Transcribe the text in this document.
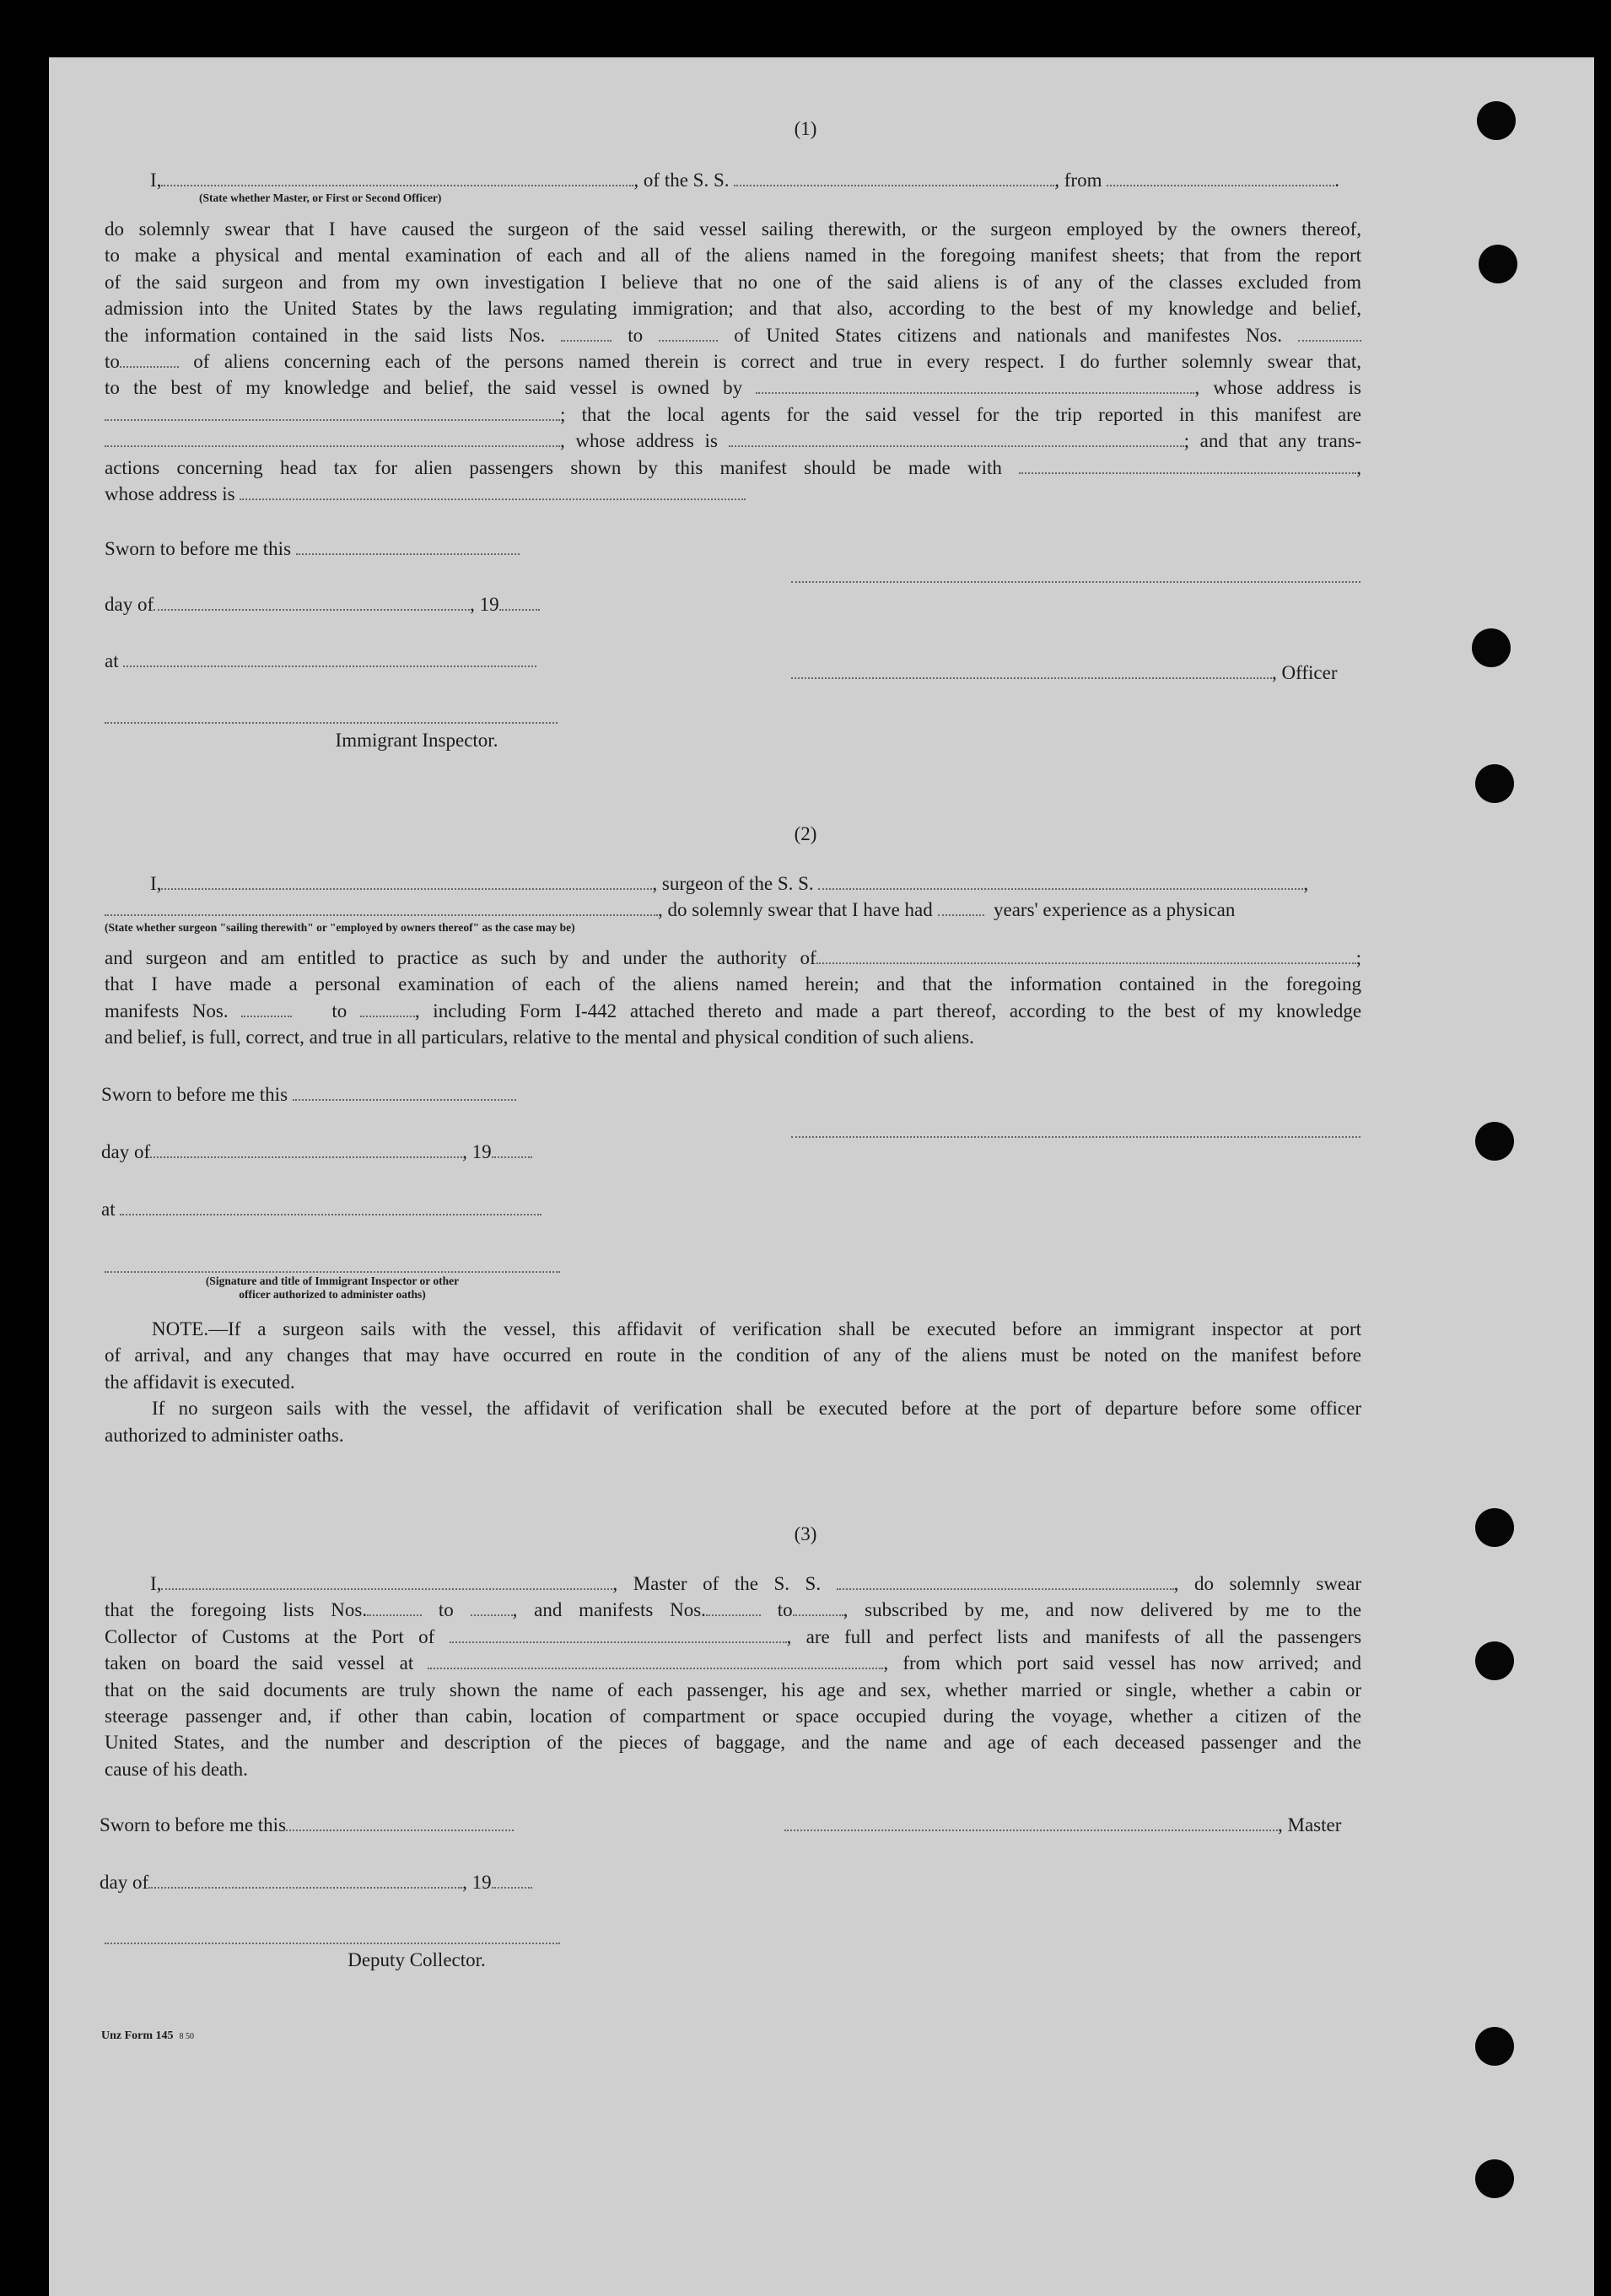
(1)
I,	, of the S. S.	, from	.
(State whether Master, or First or Second Officer)
do solemnly swear that I have caused the surgeon of the said vessel sailing therewith, or the surgeon employed by the owners thereof,
to make a physical and mental examination of each and all of the aliens named in the foregoing manifest sheets; that from the report
of the said surgeon and from my own investigation I believe that no one of the said aliens is of any of the classes excluded from
admission into the United States by the laws regulating immigration; and that also, according to the best of my knowledge and belief,
the information contained in the said lists Nos.	to	of United States citizens and nationals and manifestes Nos.
to	of aliens concerning each of the persons named therein is correct and true in every respect. I do further solemnly swear that,
to the best of my knowledge and belief, the said vessel is owned by	, whose address is
; that the local agents for the said vessel for the trip reported in this manifest are
, whose address is	; and that any trans-
actions concerning head tax for alien passengers shown by this manifest should be made with	,
whose address is
Sworn to before me this
day of	, 19
at
, Officer
Immigrant Inspector.
(2)
I,	, surgeon of the S. S.	,
, do solemnly swear that I have had	years' experience as a physican
(State whether surgeon "sailing therewith" or "employed by owners thereof" as the case may be)
and surgeon and am entitled to practice as such by and under the authority of	;
that I have made a personal examination of each of the aliens named herein; and that the information contained in the foregoing
manifests Nos.	to	, including Form I-442 attached thereto and made a part thereof, according to the best of my knowledge
and belief, is full, correct, and true in all particulars, relative to the mental and physical condition of such aliens.
Sworn to before me this
day of	, 19
at
(Signature and title of Immigrant Inspector or other
officer authorized to administer oaths)
NOTE.—If a surgeon sails with the vessel, this affidavit of verification shall be executed before an immigrant inspector at port
of arrival, and any changes that may have occurred en route in the condition of any of the aliens must be noted on the manifest before
the affidavit is executed.
If no surgeon sails with the vessel, the affidavit of verification shall be executed before at the port of departure before some officer
authorized to administer oaths.
(3)
I,	, Master of the S. S.	, do solemnly swear
that the foregoing lists Nos.	to	, and manifests Nos.	to	, subscribed by me, and now delivered by me to the
Collector of Customs at the Port of	, are full and perfect lists and manifests of all the passengers
taken on board the said vessel at	, from which port said vessel has now arrived; and
that on the said documents are truly shown the name of each passenger, his age and sex, whether married or single, whether a cabin or
steerage passenger and, if other than cabin, location of compartment or space occupied during the voyage, whether a citizen of the
United States, and the number and description of the pieces of baggage, and the name and age of each deceased passenger and the
cause of his death.
Sworn to before me this	, Master
day of	, 19
Deputy Collector.
Unz Form 145 8 50
